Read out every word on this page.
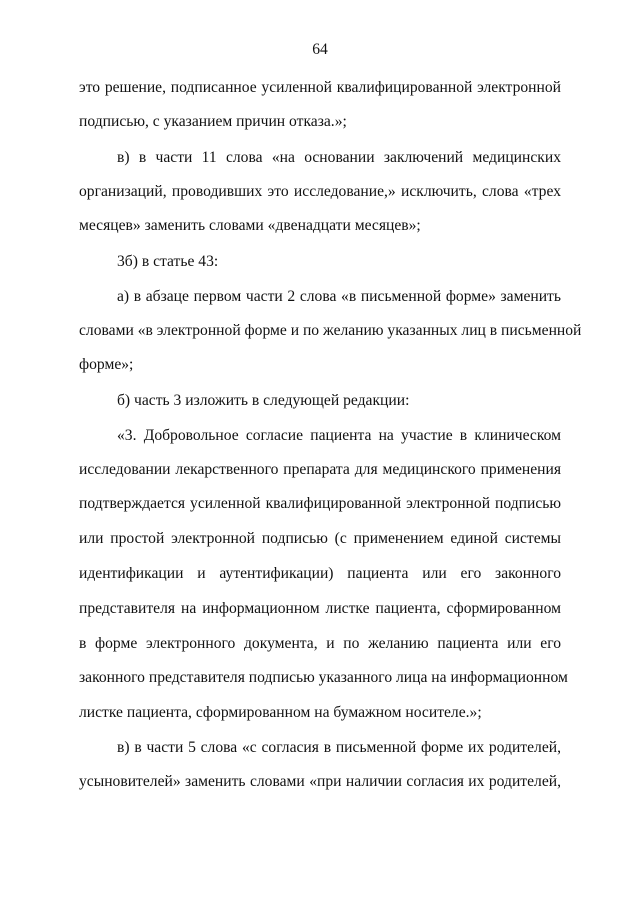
64
это решение, подписанное усиленной квалифицированной электронной
подписью, с указанием причин отказа.»;
в) в части 11 слова «на основании заключений медицинских
организаций, проводивших это исследование,» исключить, слова «трех
месяцев» заменить словами «двенадцати месяцев»;
3б) в статье 43:
а) в абзаце первом части 2 слова «в письменной форме» заменить
словами «в электронной форме и по желанию указанных лиц в письменной
форме»;
б) часть 3 изложить в следующей редакции:
«3. Добровольное согласие пациента на участие в клиническом
исследовании лекарственного препарата для медицинского применения
подтверждается усиленной квалифицированной электронной подписью
или простой электронной подписью (с применением единой системы
идентификации и аутентификации) пациента или его законного
представителя на информационном листке пациента, сформированном
в форме электронного документа, и по желанию пациента или его
законного представителя подписью указанного лица на информационном
листке пациента, сформированном на бумажном носителе.»;
в) в части 5 слова «с согласия в письменной форме их родителей,
усыновителей» заменить словами «при наличии согласия их родителей,
